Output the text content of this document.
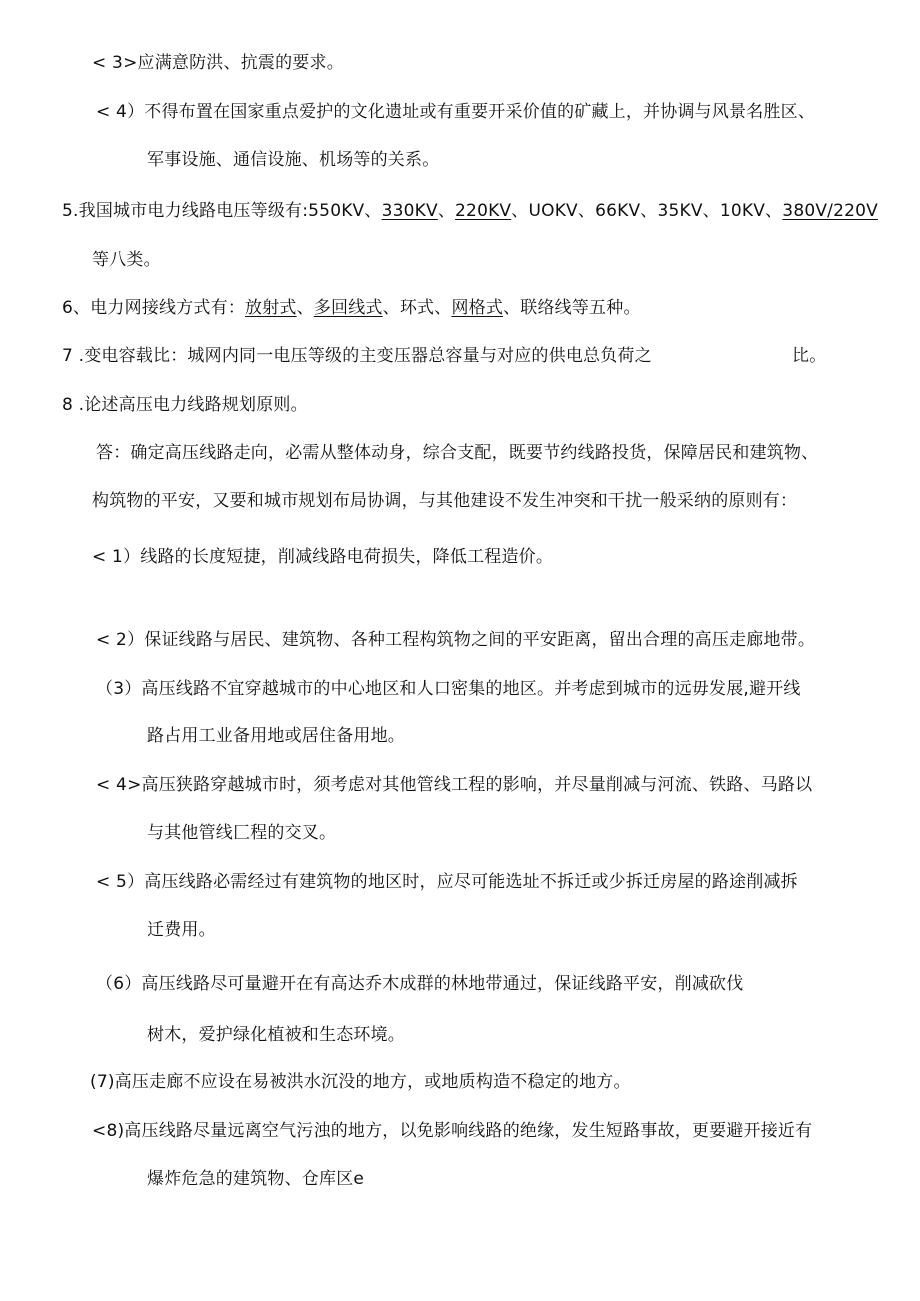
< 3>应满意防洪、抗震的要求。
< 4）不得布置在国家重点爱护的文化遗址或有重要开采价值的矿藏上，并协调与风景名胜区、
军事设施、通信设施、机场等的关系。
5.我国城市电力线路电压等级有:550KV、330KV、220KV、UOKV、66KV、35KV、10KV、380V/220V
等八类。
6、电力网接线方式有：放射式、多回线式、环式、网格式、联络线等五种。
7 .变电容载比：城网内同一电压等级的主变压器总容量与对应的供电总负荷之	比。
8 .论述高压电力线路规划原则。
答：确定高压线路走向，必需从整体动身，综合支配，既要节约线路投货，保障居民和建筑物、
构筑物的平安，又要和城市规划布局协调，与其他建设不发生冲突和干扰一般采纳的原则有：
< 1）线路的长度短捷，削减线路电荷损失，降低工程造价。
< 2）保证线路与居民、建筑物、各种工程构筑物之间的平安距离，留出合理的高压走廊地带。
（3）高压线路不宜穿越城市的中心地区和人口密集的地区。并考虑到城市的远毋发展,避开线
路占用工业备用地或居住备用地。
< 4>高压狭路穿越城市时，须考虑对其他管线工程的影响，并尽量削减与河流、铁路、马路以
与其他管线匚程的交叉。
< 5）高压线路必需经过有建筑物的地区时，应尽可能选址不拆迁或少拆迁房屋的路途削减拆
迁费用。
（6）高压线路尽可量避开在有高达乔木成群的林地带通过，保证线路平安，削减砍伐
树木，爱护绿化植被和生态环境。
(7)高压走廊不应设在易被洪水沉没的地方，或地质构造不稳定的地方。
<8)高压线路尽量远离空气污浊的地方，以免影响线路的绝缘，发生短路事故，更要避开接近有
爆炸危急的建筑物、仓库区e
